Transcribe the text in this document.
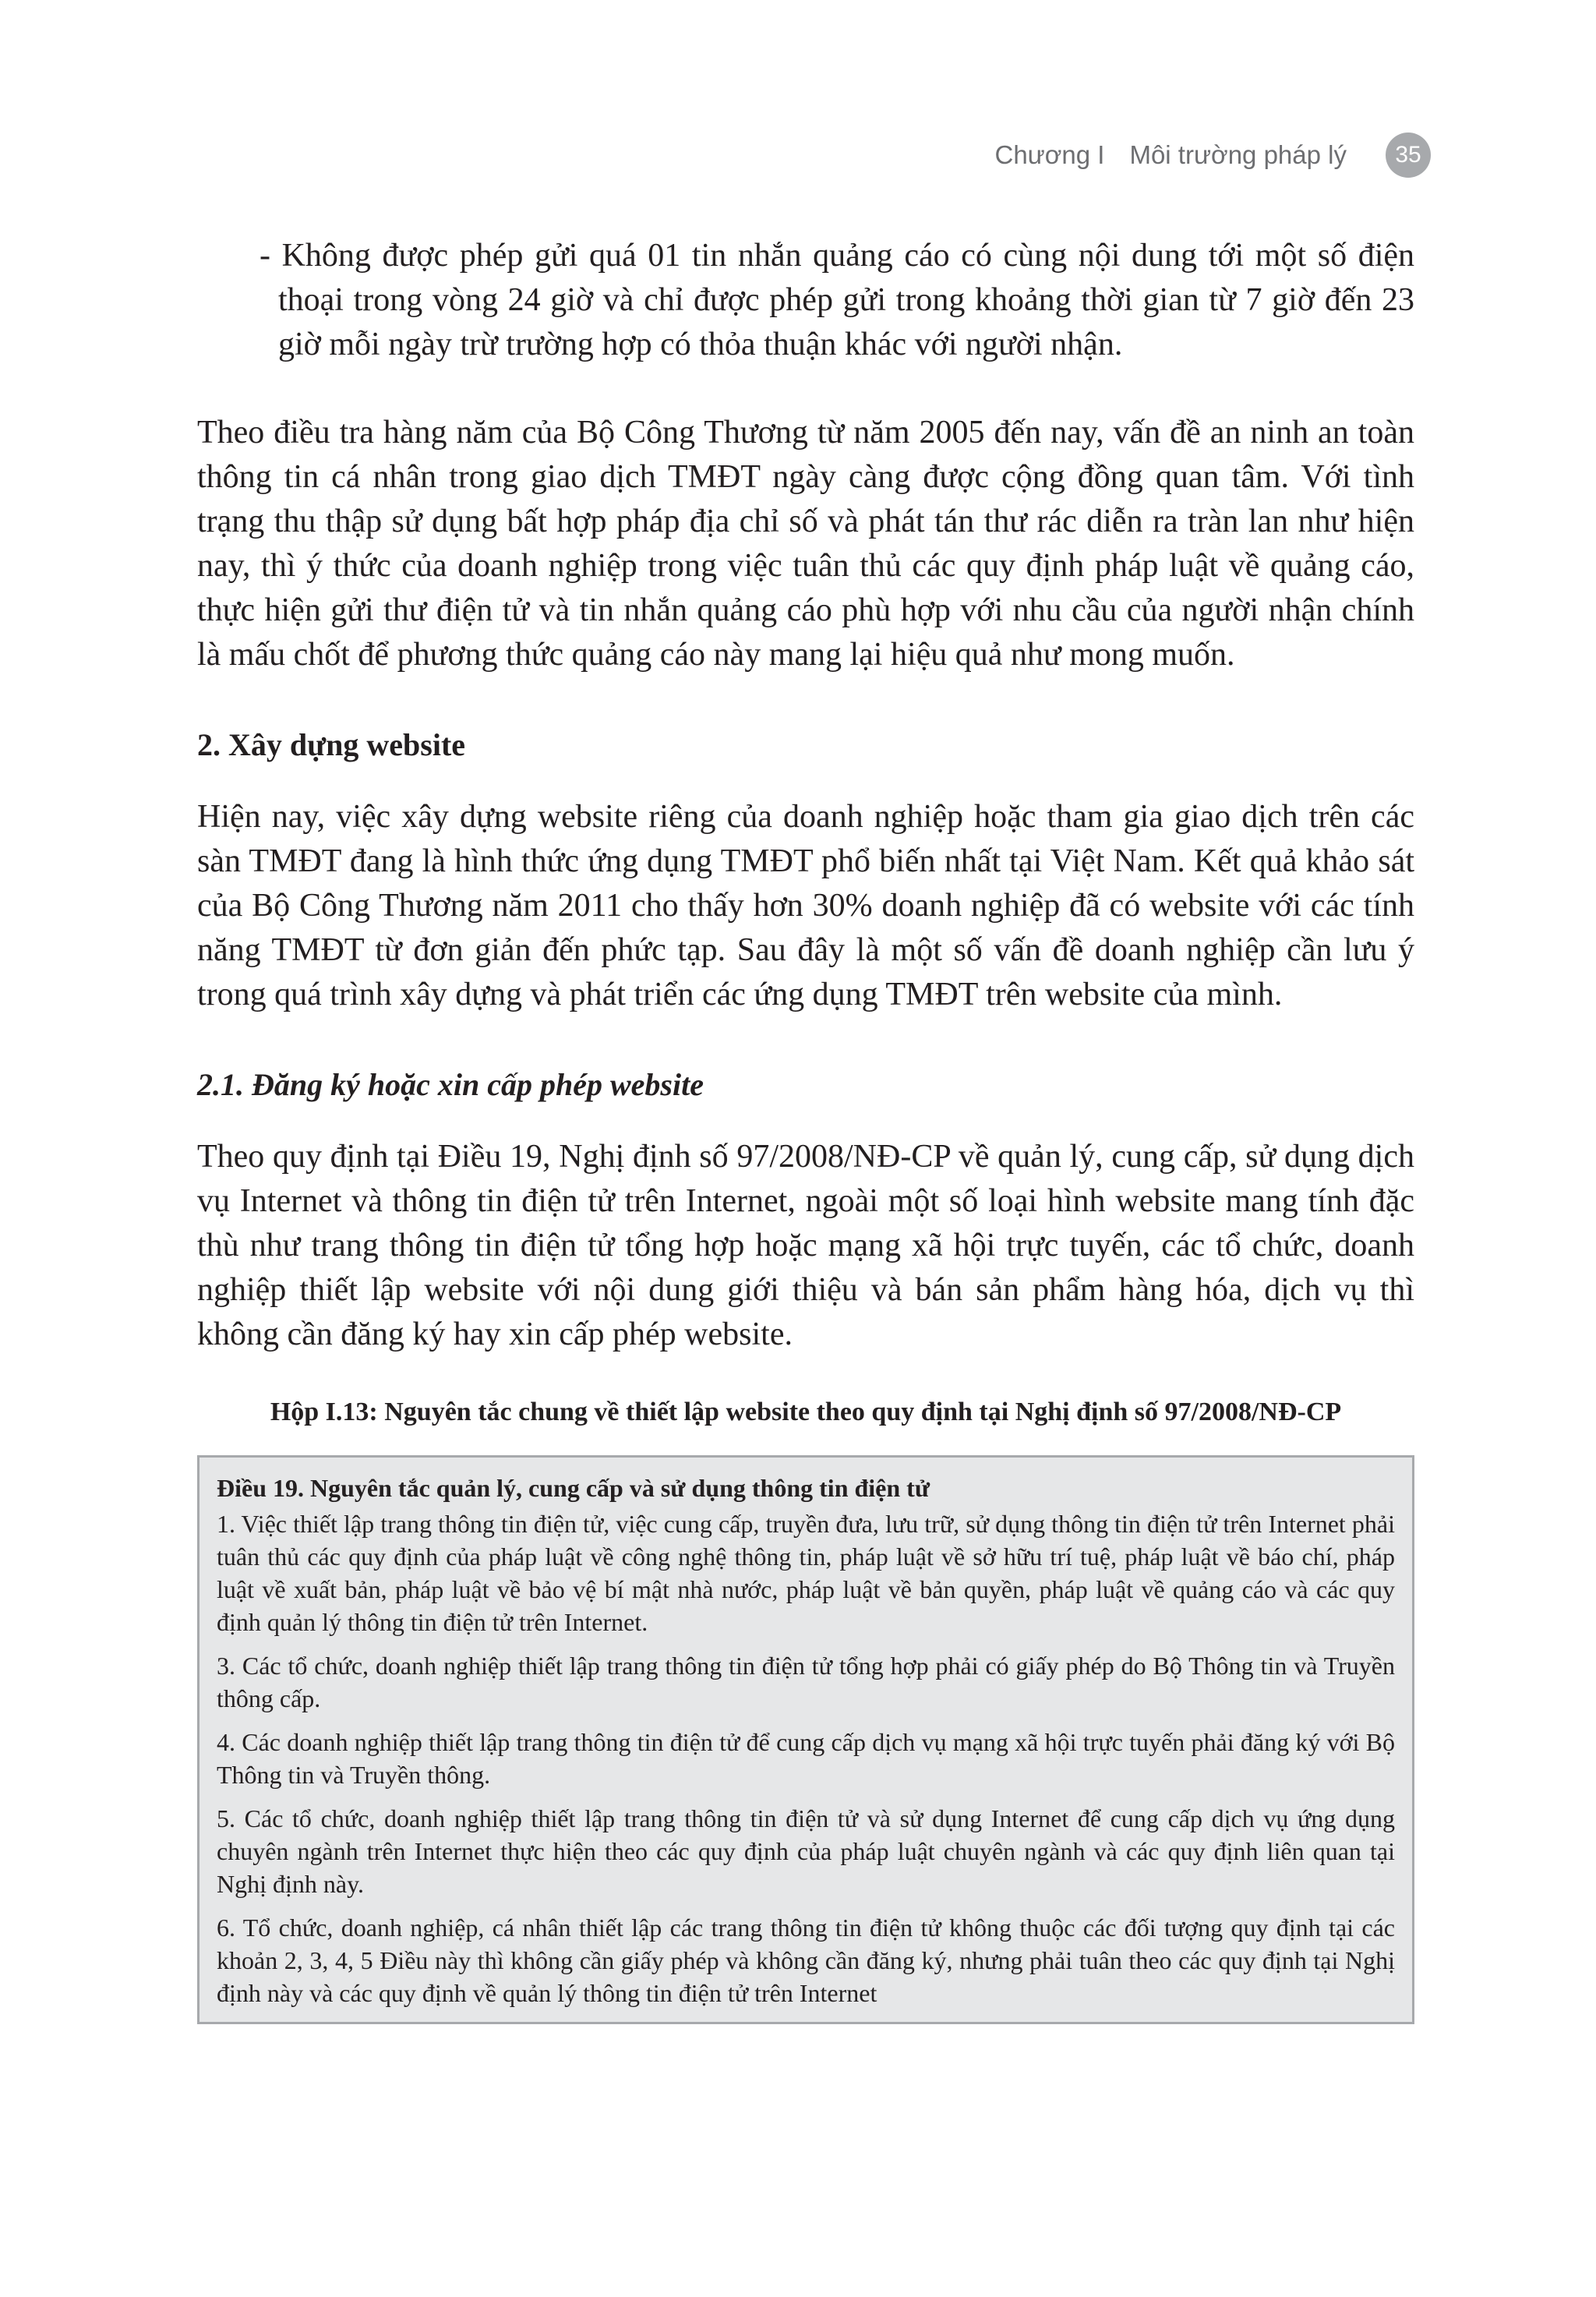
Chương I Môi trường pháp lý	35

- Không được phép gửi quá 01 tin nhắn quảng cáo có cùng nội dung tới một số điện thoại trong vòng 24 giờ và chỉ được phép gửi trong khoảng thời gian từ 7 giờ đến 23 giờ mỗi ngày trừ trường hợp có thỏa thuận khác với người nhận.

Theo điều tra hàng năm của Bộ Công Thương từ năm 2005 đến nay, vấn đề an ninh an toàn thông tin cá nhân trong giao dịch TMĐT ngày càng được cộng đồng quan tâm. Với tình trạng thu thập sử dụng bất hợp pháp địa chỉ số và phát tán thư rác diễn ra tràn lan như hiện nay, thì ý thức của doanh nghiệp trong việc tuân thủ các quy định pháp luật về quảng cáo, thực hiện gửi thư điện tử và tin nhắn quảng cáo phù hợp với nhu cầu của người nhận chính là mấu chốt để phương thức quảng cáo này mang lại hiệu quả như mong muốn.

2. Xây dựng website

Hiện nay, việc xây dựng website riêng của doanh nghiệp hoặc tham gia giao dịch trên các sàn TMĐT đang là hình thức ứng dụng TMĐT phổ biến nhất tại Việt Nam. Kết quả khảo sát của Bộ Công Thương năm 2011 cho thấy hơn 30% doanh nghiệp đã có website với các tính năng TMĐT từ đơn giản đến phức tạp. Sau đây là một số vấn đề doanh nghiệp cần lưu ý trong quá trình xây dựng và phát triển các ứng dụng TMĐT trên website của mình.

2.1. Đăng ký hoặc xin cấp phép website

Theo quy định tại Điều 19, Nghị định số 97/2008/NĐ-CP về quản lý, cung cấp, sử dụng dịch vụ Internet và thông tin điện tử trên Internet, ngoài một số loại hình website mang tính đặc thù như trang thông tin điện tử tổng hợp hoặc mạng xã hội trực tuyến, các tổ chức, doanh nghiệp thiết lập website với nội dung giới thiệu và bán sản phẩm hàng hóa, dịch vụ thì không cần đăng ký hay xin cấp phép website.

Hộp I.13: Nguyên tắc chung về thiết lập website theo quy định tại Nghị định số 97/2008/NĐ-CP
Điều 19. Nguyên tắc quản lý, cung cấp và sử dụng thông tin điện tử

1. Việc thiết lập trang thông tin điện tử, việc cung cấp, truyền đưa, lưu trữ, sử dụng thông tin điện tử trên Internet phải tuân thủ các quy định của pháp luật về công nghệ thông tin, pháp luật về sở hữu trí tuệ, pháp luật về báo chí, pháp luật về xuất bản, pháp luật về bảo vệ bí mật nhà nước, pháp luật về bản quyền, pháp luật về quảng cáo và các quy định quản lý thông tin điện tử trên Internet.

3. Các tổ chức, doanh nghiệp thiết lập trang thông tin điện tử tổng hợp phải có giấy phép do Bộ Thông tin và Truyền thông cấp.

4. Các doanh nghiệp thiết lập trang thông tin điện tử để cung cấp dịch vụ mạng xã hội trực tuyến phải đăng ký với Bộ Thông tin và Truyền thông.

5. Các tổ chức, doanh nghiệp thiết lập trang thông tin điện tử và sử dụng Internet để cung cấp dịch vụ ứng dụng chuyên ngành trên Internet thực hiện theo các quy định của pháp luật chuyên ngành và các quy định liên quan tại Nghị định này.

6. Tổ chức, doanh nghiệp, cá nhân thiết lập các trang thông tin điện tử không thuộc các đối tượng quy định tại các khoản 2, 3, 4, 5 Điều này thì không cần giấy phép và không cần đăng ký, nhưng phải tuân theo các quy định tại Nghị định này và các quy định về quản lý thông tin điện tử trên Internet
